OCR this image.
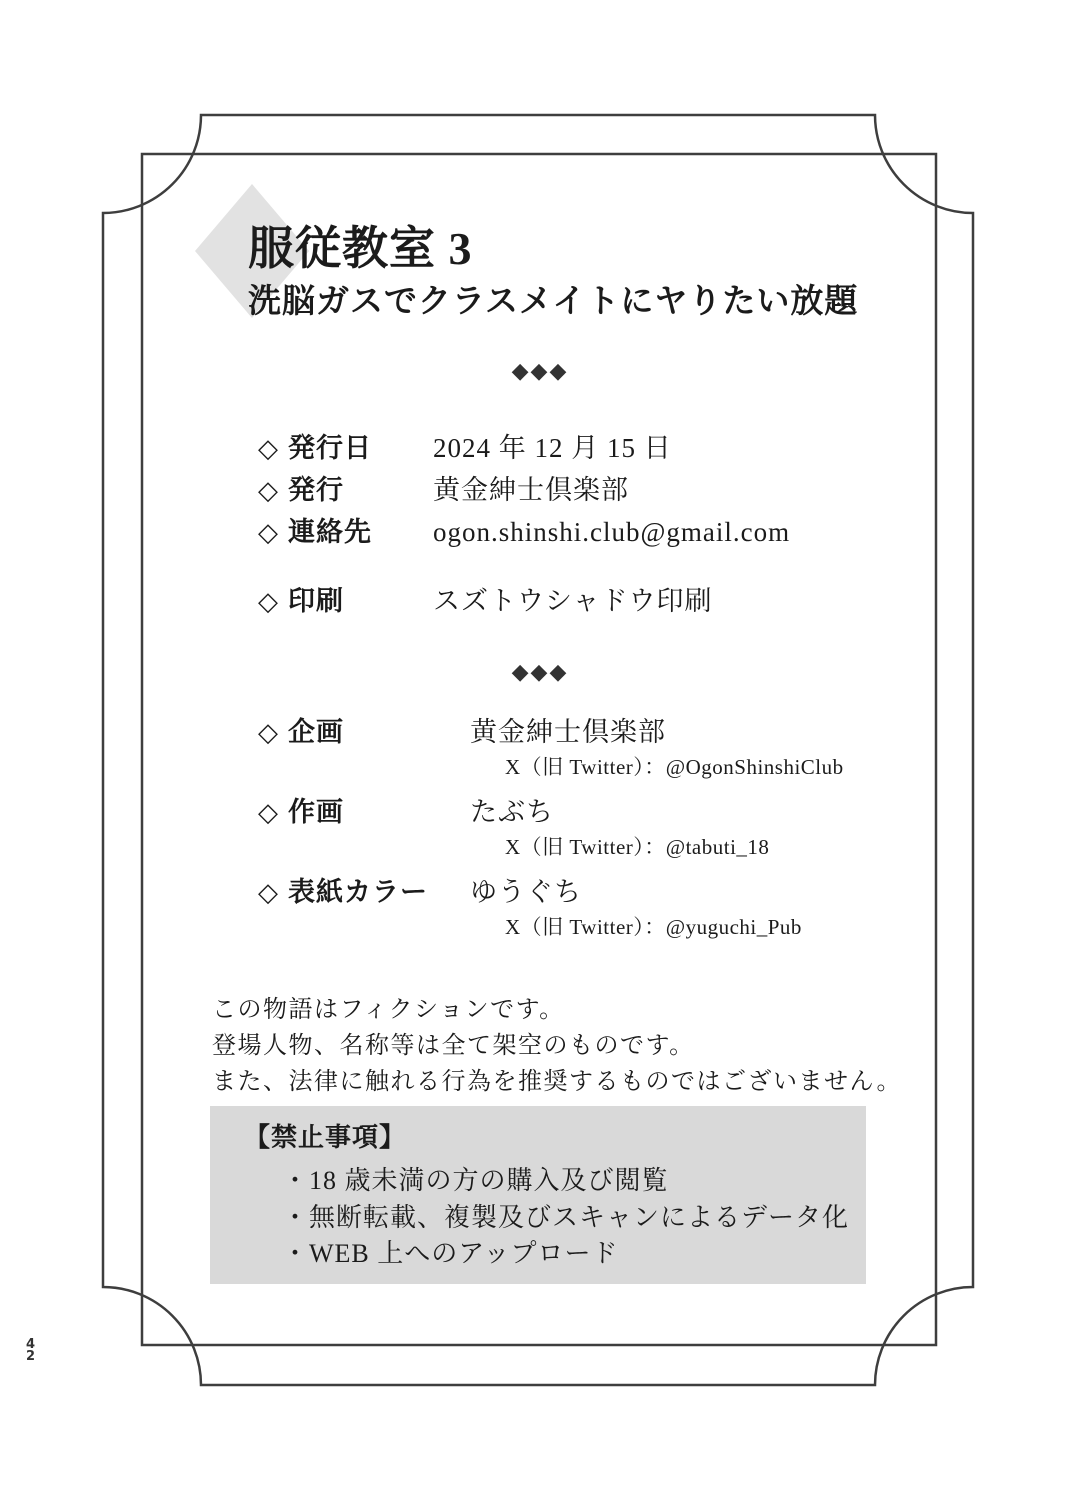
服従教室 3
洗脳ガスでクラスメイトにヤりたい放題
◆◆◆
◇ 発行日 2024 年 12 月 15 日
◇ 発行	黄金紳士倶楽部
◇ 連絡先 ogon.shinshi.club@gmail.com
◇ 印刷	スズトウシャドウ印刷
◆◆◆
◇ 企画	黄金紳士倶楽部
X（旧 Twitter）：@OgonShinshiClub
◇ 作画	たぶち
X（旧 Twitter）：@tabuti_18
◇ 表紙カラー ゆうぐち
X（旧 Twitter）：@yuguchi_Pub
この物語はフィクションです。
登場人物、名称等は全て架空のものです。
また、法律に触れる行為を推奨するものではございません。
【禁止事項】
・18 歳未満の方の購入及び閲覧
・無断転載、複製及びスキャンによるデータ化
・WEB 上へのアップロード
4
2
